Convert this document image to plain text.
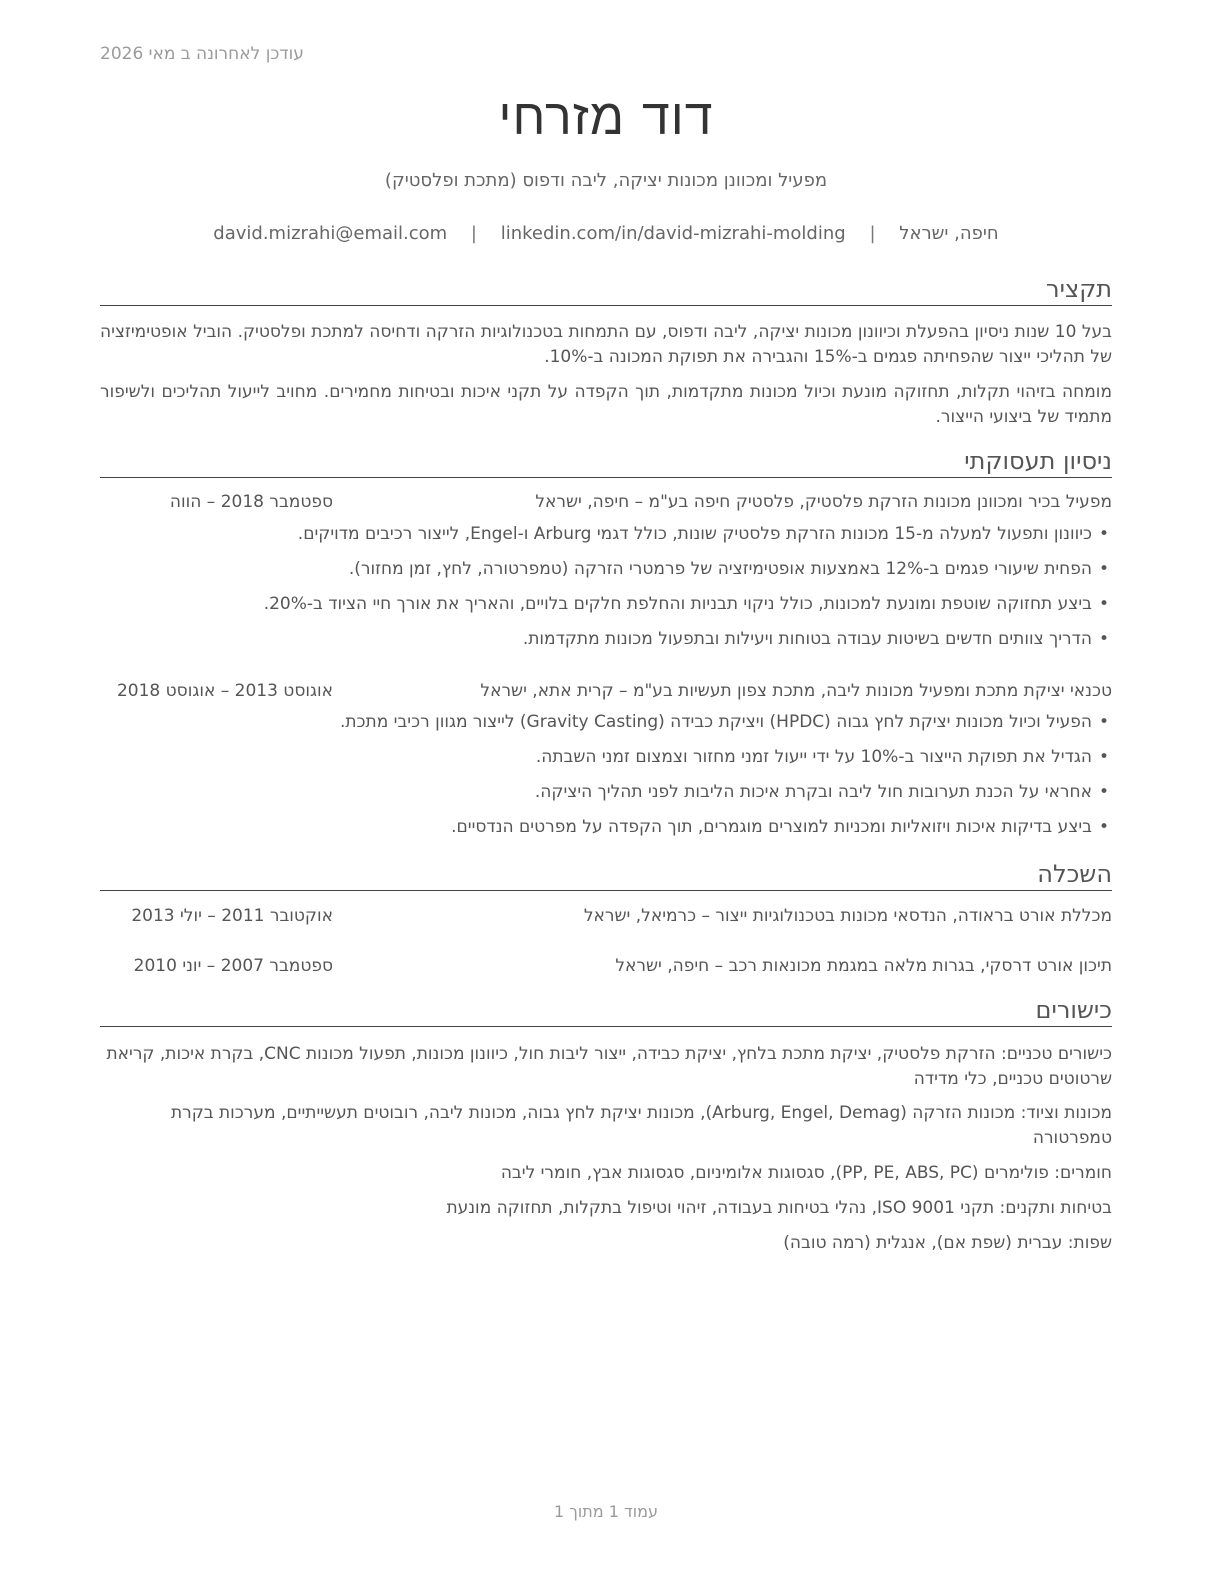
עודכן לאחרונה ב מאי 2026
דוד מזרחי
מפעיל ומכוונן מכונות יציקה, ליבה ודפוס (מתכת ופלסטיק)
חיפה, ישראל | david.mizrahi@email.com | linkedin.com/in/david-mizrahi-molding
תקציר
בעל 10 שנות ניסיון בהפעלת וכיוונון מכונות יציקה, ליבה ודפוס, עם התמחות בטכנולוגיות הזרקה ודחיסה למתכת ופלסטיק. הוביל אופטימיזציה של תהליכי ייצור שהפחיתה פגמים ב-15% והגבירה את תפוקת המכונה ב-10%.
מומחה בזיהוי תקלות, תחזוקה מונעת וכיול מכונות מתקדמות, תוך הקפדה על תקני איכות ובטיחות מחמירים. מחויב לייעול תהליכים ולשיפור מתמיד של ביצועי הייצור.
ניסיון תעסוקתי
מפעיל בכיר ומכוונן מכונות הזרקת פלסטיק, פלסטיק חיפה בע"מ – חיפה, ישראל
ספטמבר 2018 – הווה
•כיוונון ותפעול למעלה מ-15 מכונות הזרקת פלסטיק שונות, כולל דגמי Arburg ו-Engel, לייצור רכיבים מדויקים.
•הפחית שיעורי פגמים ב-12% באמצעות אופטימיזציה של פרמטרי הזרקה (טמפרטורה, לחץ, זמן מחזור).
•ביצע תחזוקה שוטפת ומונעת למכונות, כולל ניקוי תבניות והחלפת חלקים בלויים, והאריך את אורך חיי הציוד ב-20%.
•הדריך צוותים חדשים בשיטות עבודה בטוחות ויעילות ובתפעול מכונות מתקדמות.
טכנאי יציקת מתכת ומפעיל מכונות ליבה, מתכת צפון תעשיות בע"מ – קרית אתא, ישראל
אוגוסט 2013 – אוגוסט 2018
•הפעיל וכיול מכונות יציקת לחץ גבוה (HPDC) ויציקת כבידה (Gravity Casting) לייצור מגוון רכיבי מתכת.
•הגדיל את תפוקת הייצור ב-10% על ידי ייעול זמני מחזור וצמצום זמני השבתה.
•אחראי על הכנת תערובות חול ליבה ובקרת איכות הליבות לפני תהליך היציקה.
•ביצע בדיקות איכות ויזואליות ומכניות למוצרים מוגמרים, תוך הקפדה על מפרטים הנדסיים.
השכלה
מכללת אורט בראודה, הנדסאי מכונות בטכנולוגיות ייצור – כרמיאל, ישראל
אוקטובר 2011 – יולי 2013
תיכון אורט דרסקי, בגרות מלאה במגמת מכונאות רכב – חיפה, ישראל
ספטמבר 2007 – יוני 2010
כישורים
כישורים טכניים: הזרקת פלסטיק, יציקת מתכת בלחץ, יציקת כבידה, ייצור ליבות חול, כיוונון מכונות, תפעול מכונות CNC, בקרת איכות, קריאת שרטוטים טכניים, כלי מדידה
מכונות וציוד: מכונות הזרקה (Arburg, Engel, Demag), מכונות יציקת לחץ גבוה, מכונות ליבה, רובוטים תעשייתיים, מערכות בקרת טמפרטורה
חומרים: פולימרים (PP, PE, ABS, PC), סגסוגות אלומיניום, סגסוגות אבץ, חומרי ליבה
בטיחות ותקנים: תקני ISO 9001, נהלי בטיחות בעבודה, זיהוי וטיפול בתקלות, תחזוקה מונעת
שפות: עברית (שפת אם), אנגלית (רמה טובה)
עמוד 1 מתוך 1
